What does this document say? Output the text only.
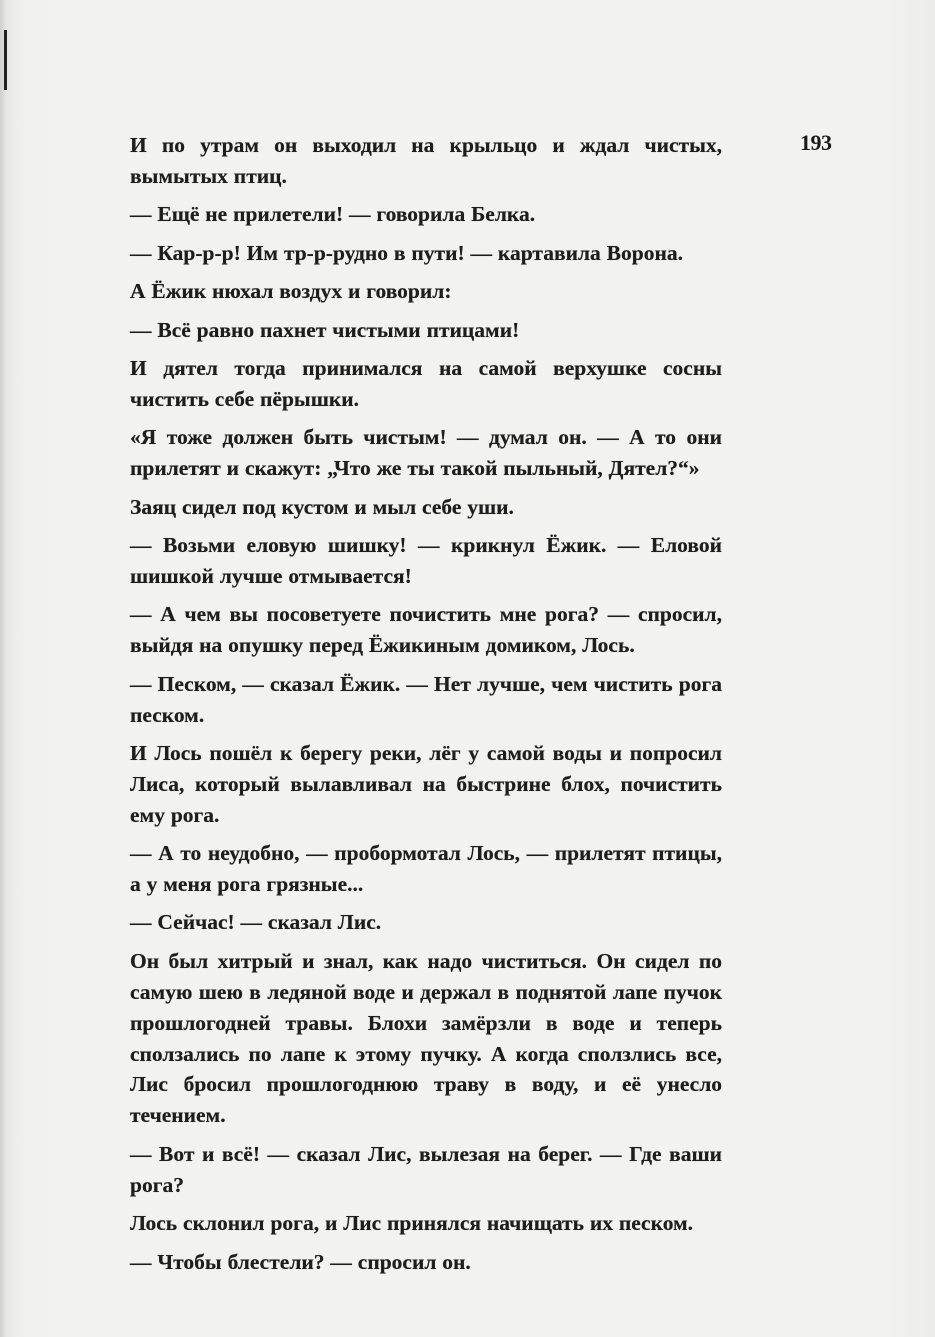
193

И по утрам он выходил на крыльцо и ждал чистых, вымытых птиц.

— Ещё не прилетели! — говорила Белка.

— Кар-р-р! Им тр-р-рудно в пути! — картавила Ворона.

А Ёжик нюхал воздух и говорил:

— Всё равно пахнет чистыми птицами!

И дятел тогда принимался на самой верхушке сосны чистить себе пёрышки.

«Я тоже должен быть чистым! — думал он. — А то они прилетят и скажут: „Что же ты такой пыльный, Дятел?“»

Заяц сидел под кустом и мыл себе уши.

— Возьми еловую шишку! — крикнул Ёжик. — Еловой шишкой лучше отмывается!

— А чем вы посоветуете почистить мне рога? — спросил, выйдя на опушку перед Ёжикиным домиком, Лось.

— Песком, — сказал Ёжик. — Нет лучше, чем чистить рога песком.

И Лось пошёл к берегу реки, лёг у самой воды и попросил Лиса, который вылавливал на быстрине блох, почистить ему рога.

— А то неудобно, — пробормотал Лось, — прилетят птицы, а у меня рога грязные...

— Сейчас! — сказал Лис.

Он был хитрый и знал, как надо чиститься. Он сидел по самую шею в ледяной воде и держал в поднятой лапе пучок прошлогодней травы. Блохи замёрзли в воде и теперь сползались по лапе к этому пучку. А когда сползлись все, Лис бросил прошлогоднюю траву в воду, и её унесло течением.

— Вот и всё! — сказал Лис, вылезая на берег. — Где ваши рога?

Лось склонил рога, и Лис принялся начищать их песком.

— Чтобы блестели? — спросил он.
